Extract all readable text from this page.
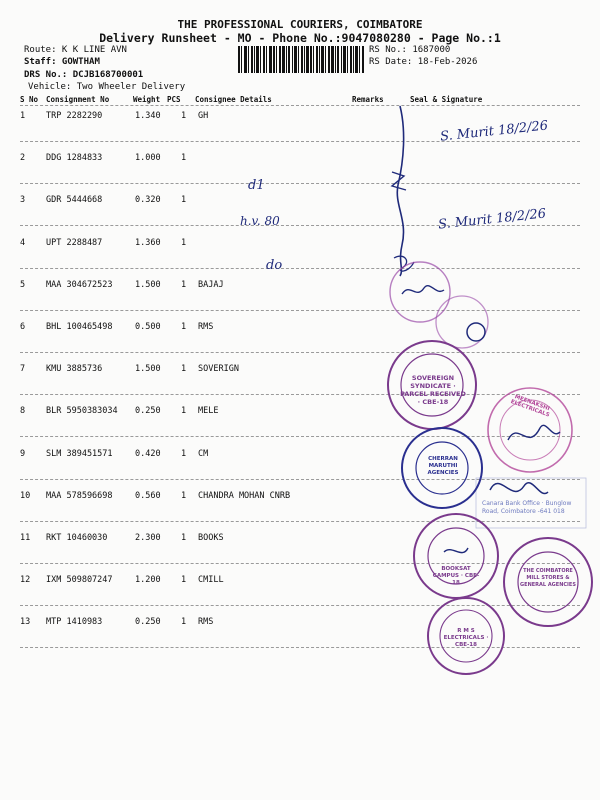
THE PROFESSIONAL COURIERS, COIMBATORE
Delivery Runsheet - MO - Phone No.:9047080280 - Page No.:1
Route: K K LINE AVN
Staff: GOWTHAM
DRS No.: DCJB168700001
Vehicle: Two Wheeler Delivery
RS No.: 1687000
RS Date: 18-Feb-2026
S No Consignment No	Weight PCS Consignee Details	Remarks	Seal & Signature
1 TRP 2282290	1.340 1 GH
2 DDG 1284833	1.000 1
3 GDR 5444668	0.320 1
4 UPT 2288487	1.360 1
5 MAA 304672523	1.500 1 BAJAJ
6 BHL 100465498	0.500 1 RMS
7 KMU 3885736	1.500 1 SOVERIGN
8 BLR 5950383034 0.250 1 MELE
9 SLM 389451571	0.420 1 CM
10 MAA 578596698	0.560 1 CHANDRA MOHAN CNRB
11 RKT 10460030	2.300 1 BOOKS
12 IXM 509807247	1.200 1 CMILL
13 MTP 1410983	0.250 1 RMS
S. Murit 18/2/26
d1
h.v. 80	S. Murit 18/2/26
do
SOVEREIGN SYNDICATE · PARCEL RECEIVED · CBE-18	MEENAKSHI ELECTRICALS
CHERRAN MARUTHI AGENCIES
Canara Bank Office · Bunglow Road, Coimbatore -641 018
BOOKSAT CAMPUS · CBE-18
THE COIMBATORE MILL STORES & GENERAL AGENCIES
R M S ELECTRICALS · CBE-18
